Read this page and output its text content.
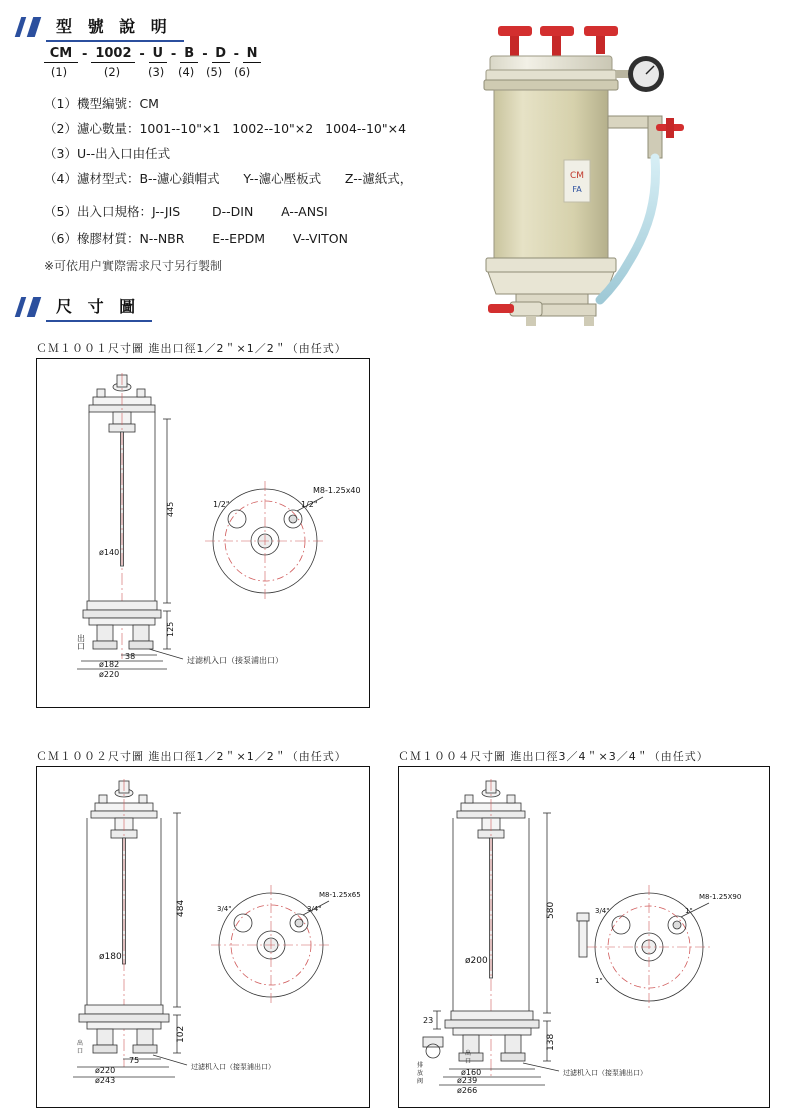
型 號 說 明
CM - 1002 - U - B - D - N
(1)	(2)	(3) (4) (5) (6)
（1）機型編號：CM
（2）濾心數量：1001--10"×1   1002--10"×2   1004--10"×4
（3）U--出入口由任式
（4）濾材型式：B--濾心鎖帽式      Y--濾心壓板式      Z--濾紙式，
（5）出入口規格：J--JIS        D--DIN       A--ANSI
（6）橡膠材質：N--NBR       E--EPDM       V--VITON
※可依用户實際需求尺寸另行製制
CM
FA
尺 寸 圖
ＣＭ１００１尺寸圖 進出口徑1／2＂×1／2＂（由任式）
445
125
ø140
38
ø182
ø220
出
口
M8-1.25x40
1/2"	1/2"
过滤机入口（接泵浦出口）
ＣＭ１００２尺寸圖 進出口徑1／2＂×1／2＂（由任式）
484
102
ø180
75
ø220
ø243
出
口
M8-1.25x65
3/4"	3/4"
过滤机入口（接泵浦出口）
ＣＭ１００４尺寸圖 進出口徑3／4＂×3／4＂（由任式）
580
138
ø200
23
ø160
ø239
ø266
出
口
排
放
阀
M8-1.25X90
3/4"	1"
1"
过滤机入口（接泵浦出口）
